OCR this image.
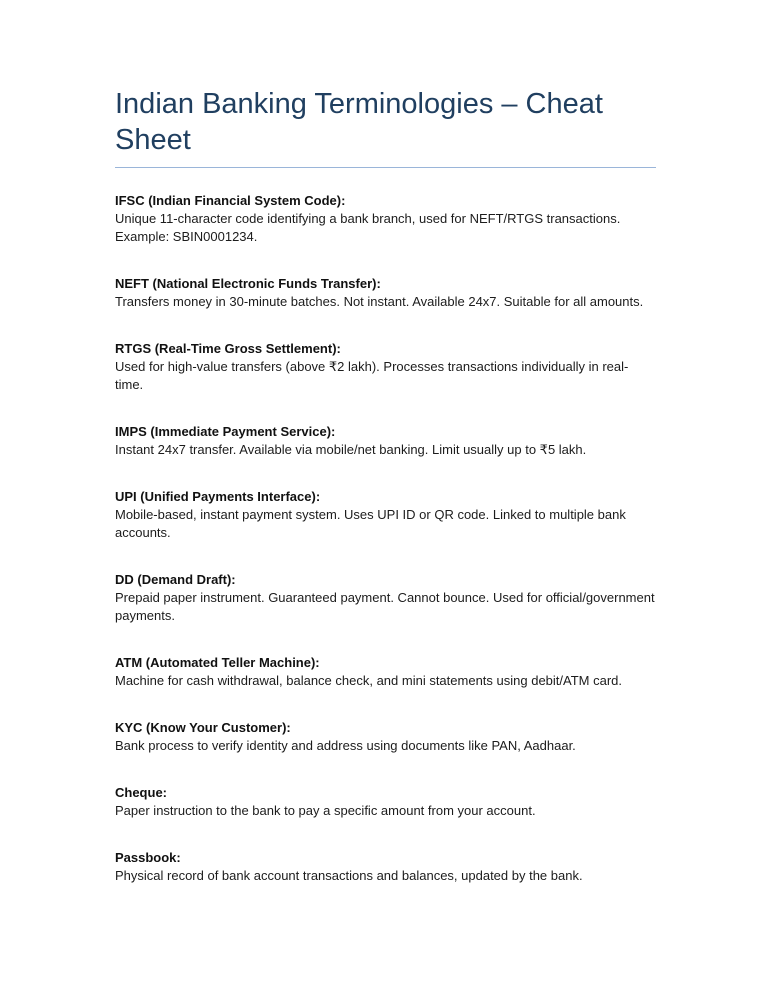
Indian Banking Terminologies – Cheat Sheet

IFSC (Indian Financial System Code):

Unique 11-character code identifying a bank branch, used for NEFT/RTGS transactions. Example: SBIN0001234.

NEFT (National Electronic Funds Transfer):

Transfers money in 30-minute batches. Not instant. Available 24x7. Suitable for all amounts.

RTGS (Real-Time Gross Settlement):

Used for high-value transfers (above ₹2 lakh). Processes transactions individually in real-time.

IMPS (Immediate Payment Service):

Instant 24x7 transfer. Available via mobile/net banking. Limit usually up to ₹5 lakh.

UPI (Unified Payments Interface):

Mobile-based, instant payment system. Uses UPI ID or QR code. Linked to multiple bank accounts.

DD (Demand Draft):

Prepaid paper instrument. Guaranteed payment. Cannot bounce. Used for official/government payments.

ATM (Automated Teller Machine):

Machine for cash withdrawal, balance check, and mini statements using debit/ATM card.

KYC (Know Your Customer):

Bank process to verify identity and address using documents like PAN, Aadhaar.

Cheque:

Paper instruction to the bank to pay a specific amount from your account.

Passbook:

Physical record of bank account transactions and balances, updated by the bank.
